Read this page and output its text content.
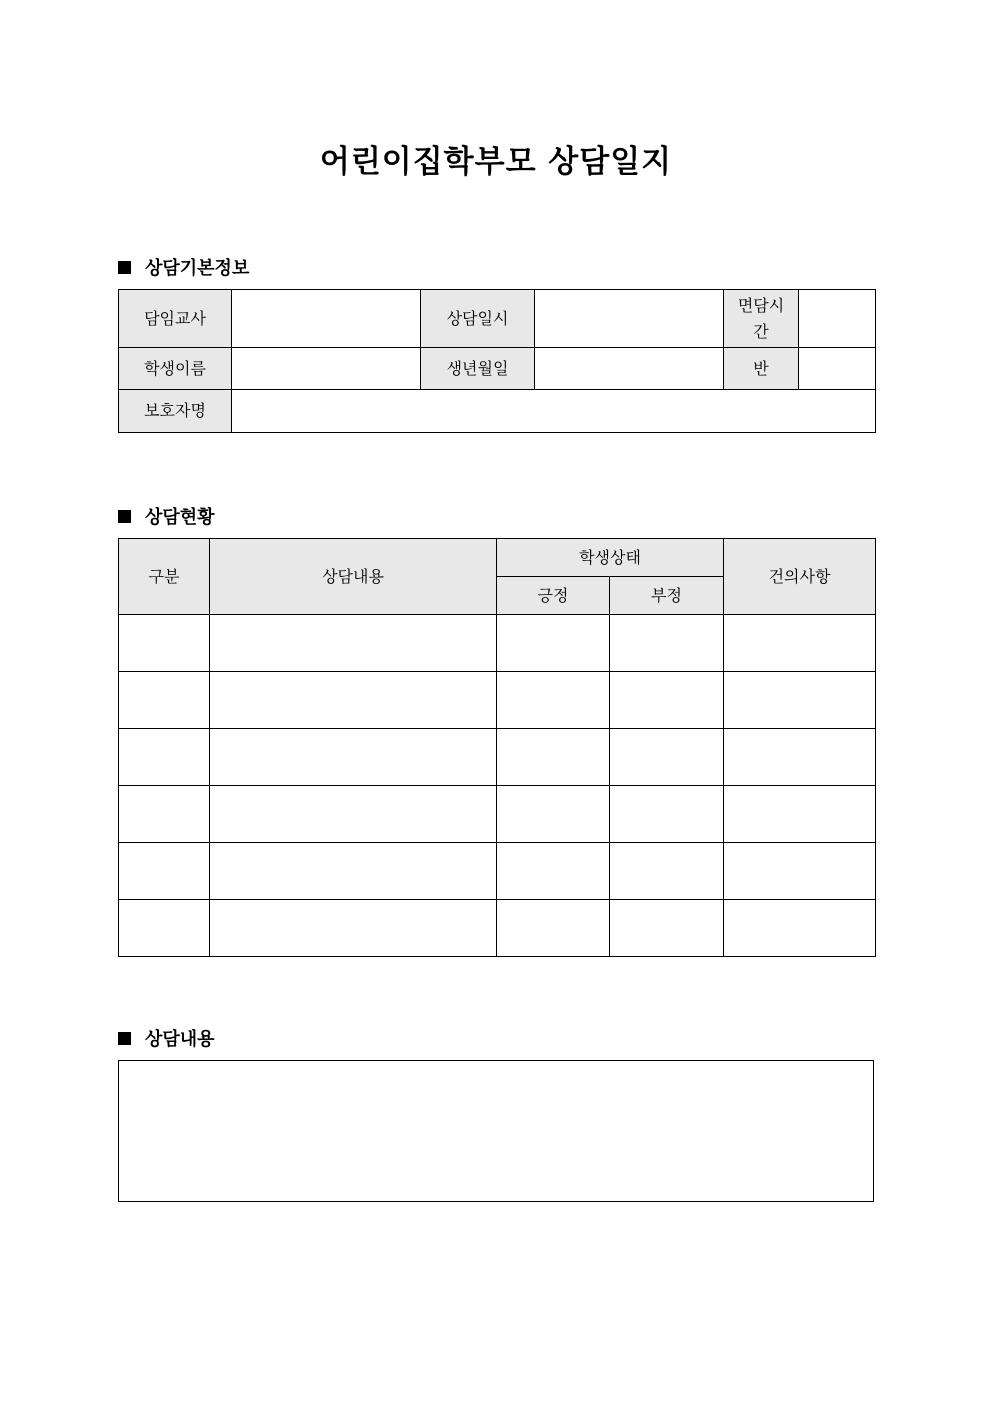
어린이집학부모 상담일지
상담기본정보
담임교사		상담일시		면담시간	
학생이름		생년월일		반	
보호자명					
상담현황
구분	상담내용	학생상태		건의사항
		긍정	부정	

상담내용
